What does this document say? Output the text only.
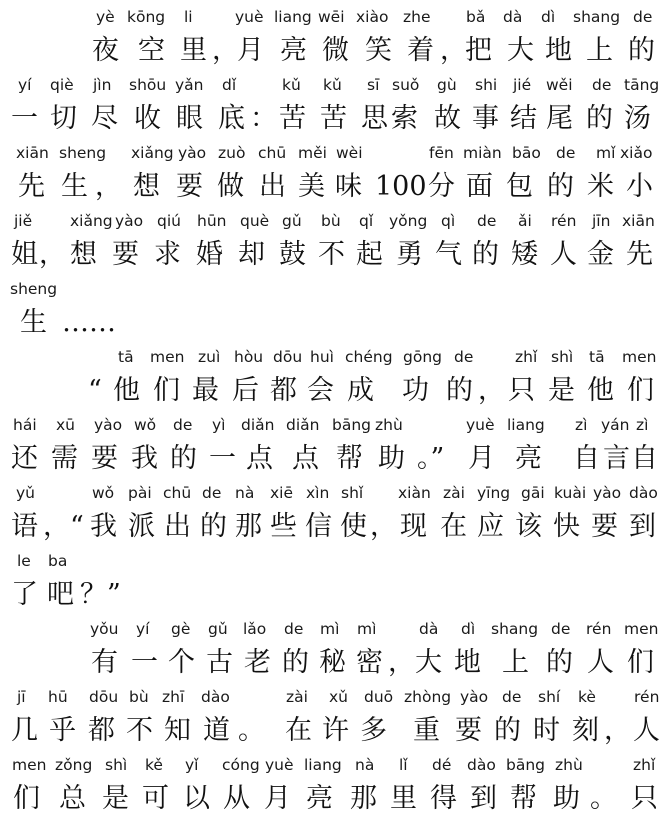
yè kōng li	yuè liang wēi xiào zhe bǎ dà dì shang de
夜 空 里 ，
月 亮 微 笑 着 ，
把 大 地 上 的
yí qiè jìn shōu yǎn dǐ	kǔ kǔ sī suǒ gù shi jié wěi de tāng
一 切 尽 收 眼 底 ： 苦 苦 思 索 故 事 结 尾 的 汤
xiān sheng xiǎng yào zuò chū měi wèi	fēn miàn bāo de mǐ xiǎo
先 生 ， 想 要 做 出 美 味 100 分 面 包 的 米 小
jiě xiǎng yào qiú hūn què gǔ bù qǐ yǒng qì de ǎi rén jīn xiān
姐 ， 想 要 求 婚 却 鼓 不 起 勇 气 的 矮 人 金 先
sheng
生 ……
tā men zuì hòu dōu huì chéng gōng de	zhǐ shì tā men
“ 他 们 最 后 都 会 成 功 的 ， 只 是 他 们
hái xū yào wǒ de yì diǎn diǎn bāng zhù	yuè liang zì yán zì
还 需 要 我 的 一 点 点 帮 助 。” 月 亮 自 言 自
yǔ	wǒ pài chū de nà xiē xìn shǐ xiàn zài yīng gāi kuài yào dào
语 ，“ 我 派 出 的 那 些 信 使 ， 现 在 应 该 快 要 到
le ba
了 吧 ？”
yǒu yí gè gǔ lǎo de mì mì	dà dì shang de rén men
有 一 个 古 老 的 秘 密 ， 大 地 上 的 人 们
jī hū dōu bù zhī dào	zài xǔ duō zhòng yào de shí kè rén
几 乎 都 不 知 道 。 在 许 多 重 要 的 时 刻 ， 人
men zǒng shì kě yǐ cóng yuè liang nà lǐ dé dào bāng zhù	zhǐ
们 总 是 可 以 从 月 亮 那 里 得 到 帮 助 。 只
